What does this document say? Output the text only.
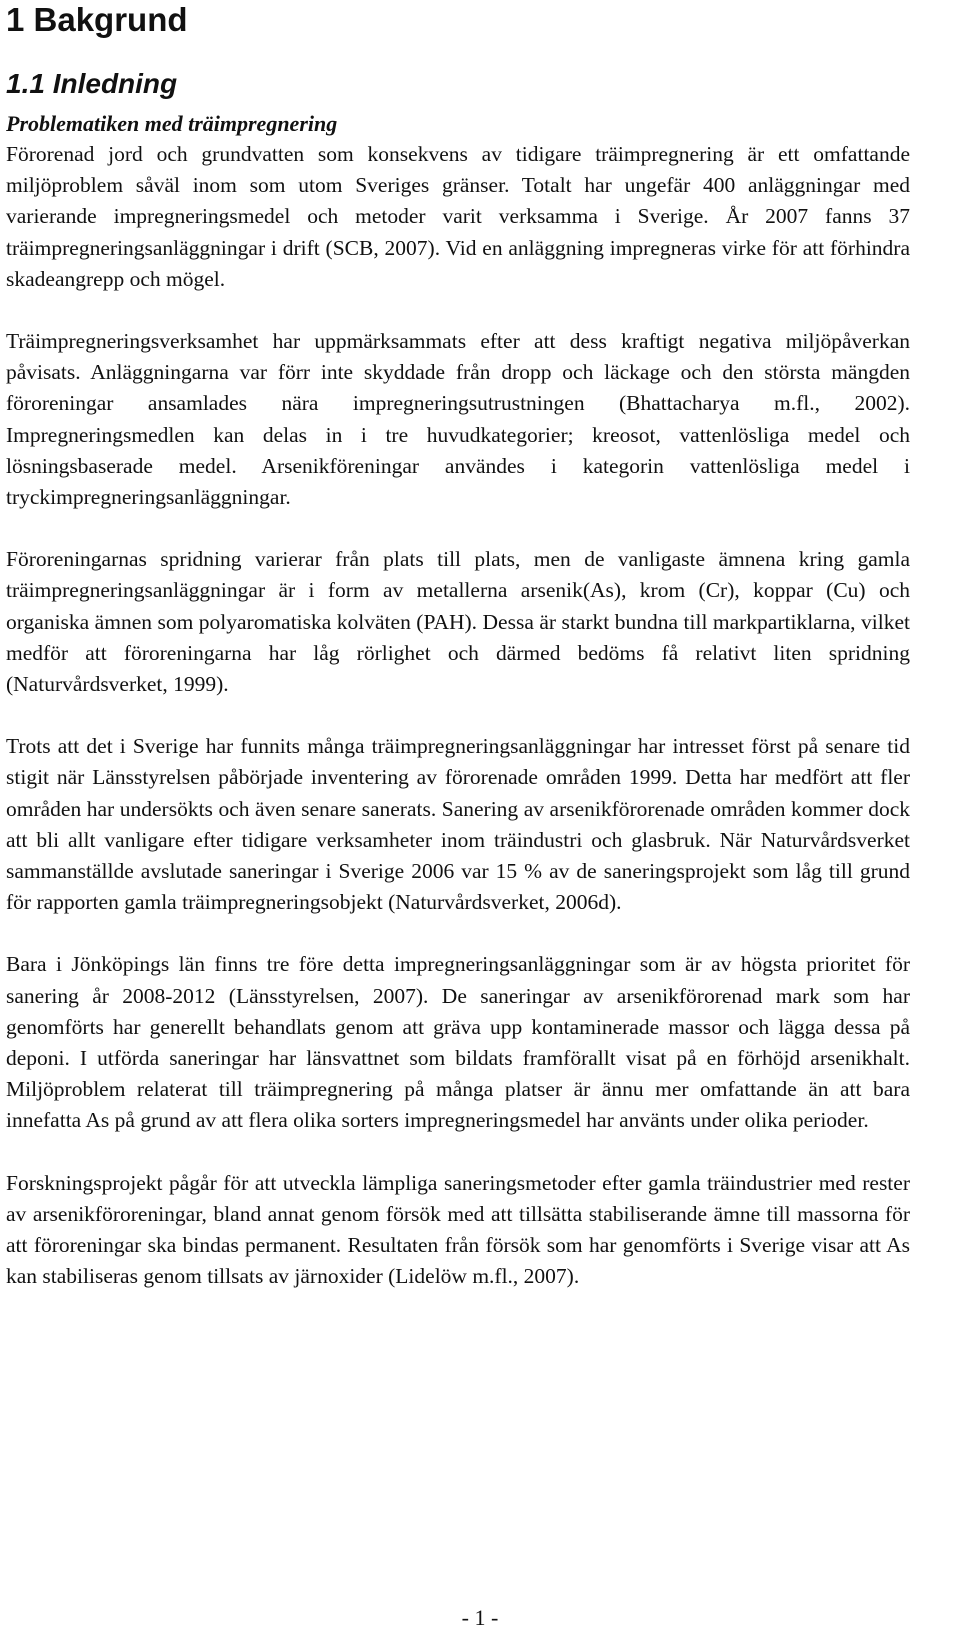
1 Bakgrund
1.1 Inledning
Problematiken med träimpregnering

Förorenad jord och grundvatten som konsekvens av tidigare träimpregnering är ett omfattande miljöproblem såväl inom som utom Sveriges gränser. Totalt har ungefär 400 anläggningar med varierande impregneringsmedel och metoder varit verksamma i Sverige. År 2007 fanns 37 träimpregneringsanläggningar i drift (SCB, 2007). Vid en anläggning impregneras virke för att förhindra skadeangrepp och mögel.

Träimpregneringsverksamhet har uppmärksammats efter att dess kraftigt negativa miljöpåverkan påvisats. Anläggningarna var förr inte skyddade från dropp och läckage och den största mängden föroreningar ansamlades nära impregneringsutrustningen (Bhattacharya m.fl., 2002). Impregneringsmedlen kan delas in i tre huvudkategorier; kreosot, vattenlösliga medel och lösningsbaserade medel. Arsenikföreningar användes i kategorin vattenlösliga medel i tryckimpregneringsanläggningar.

Föroreningarnas spridning varierar från plats till plats, men de vanligaste ämnena kring gamla träimpregneringsanläggningar är i form av metallerna arsenik(As), krom (Cr), koppar (Cu) och organiska ämnen som polyaromatiska kolväten (PAH). Dessa är starkt bundna till markpartiklarna, vilket medför att föroreningarna har låg rörlighet och därmed bedöms få relativt liten spridning (Naturvårdsverket, 1999).

Trots att det i Sverige har funnits många träimpregneringsanläggningar har intresset först på senare tid stigit när Länsstyrelsen påbörjade inventering av förorenade områden 1999. Detta har medfört att fler områden har undersökts och även senare sanerats. Sanering av arsenikförorenade områden kommer dock att bli allt vanligare efter tidigare verksamheter inom träindustri och glasbruk. När Naturvårdsverket sammanställde avslutade saneringar i Sverige 2006 var 15 % av de saneringsprojekt som låg till grund för rapporten gamla träimpregneringsobjekt (Naturvårdsverket, 2006d).

Bara i Jönköpings län finns tre före detta impregneringsanläggningar som är av högsta prioritet för sanering år 2008-2012 (Länsstyrelsen, 2007). De saneringar av arsenikförorenad mark som har genomförts har generellt behandlats genom att gräva upp kontaminerade massor och lägga dessa på deponi. I utförda saneringar har länsvattnet som bildats framförallt visat på en förhöjd arsenikhalt. Miljöproblem relaterat till träimpregnering på många platser är ännu mer omfattande än att bara innefatta As på grund av att flera olika sorters impregneringsmedel har använts under olika perioder.

Forskningsprojekt pågår för att utveckla lämpliga saneringsmetoder efter gamla träindustrier med rester av arsenikföroreningar, bland annat genom försök med att tillsätta stabiliserande ämne till massorna för att föroreningar ska bindas permanent. Resultaten från försök som har genomförts i Sverige visar att As kan stabiliseras genom tillsats av järnoxider (Lidelöw m.fl., 2007).

- 1 -
